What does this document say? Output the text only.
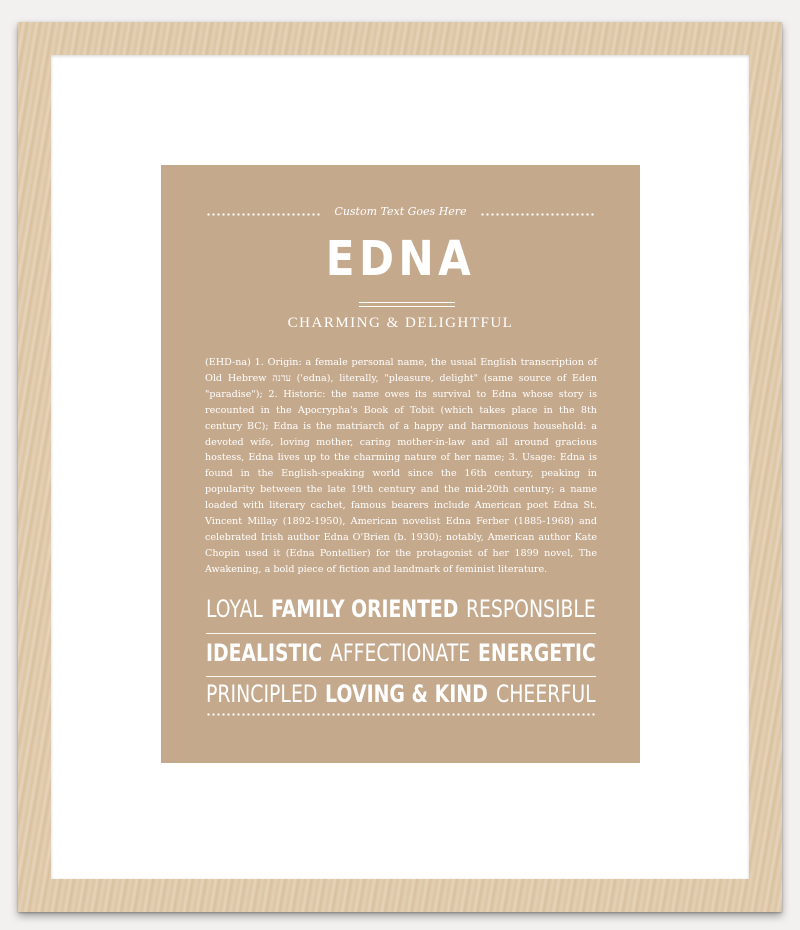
Custom Text Goes Here
EDNA
CHARMING & DELIGHTFUL
(EHD-na) 1. Origin: a female personal name, the usual English transcription of Old Hebrew עדנה ('edna), literally, "pleasure, delight" (same source of Eden "paradise"); 2. Historic: the name owes its survival to Edna whose story is recounted in the Apocrypha's Book of Tobit (which takes place in the 8th century BC); Edna is the matriarch of a happy and harmonious household: a devoted wife, loving mother, caring mother-in-law and all around gracious hostess, Edna lives up to the charming nature of her name; 3. Usage: Edna is found in the English-speaking world since the 16th century, peaking in popularity between the late 19th century and the mid-20th century; a name loaded with literary cachet, famous bearers include American poet Edna St. Vincent Millay (1892-1950), American novelist Edna Ferber (1885-1968) and celebrated Irish author Edna O'Brien (b. 1930); notably, American author Kate Chopin used it (Edna Pontellier) for the protagonist of her 1899 novel, The Awakening, a bold piece of fiction and landmark of feminist literature.
LOYAL FAMILY ORIENTED RESPONSIBLE
IDEALISTIC AFFECTIONATE ENERGETIC
PRINCIPLED LOVING & KIND CHEERFUL
